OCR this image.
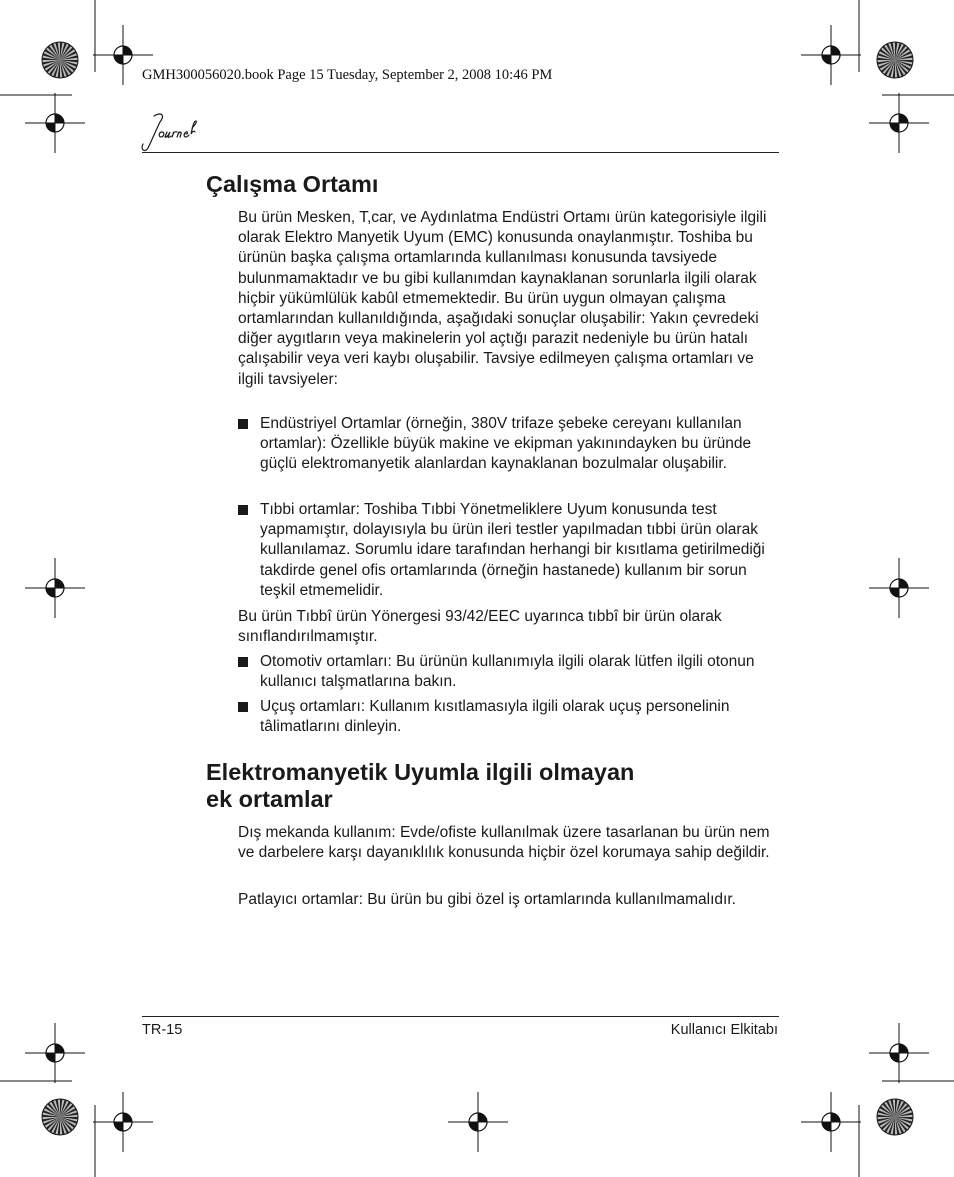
GMH300056020.book Page 15 Tuesday, September 2, 2008 10:46 PM
Çalışma Ortamı
Bu ürün Mesken, T,car, ve Aydınlatma Endüstri Ortamı ürün kategorisiyle ilgili olarak Elektro Manyetik Uyum (EMC) konusunda onaylanmıştır. Toshiba bu ürünün başka çalışma ortamlarında kullanılması konusunda tavsiyede bulunmamaktadır ve bu gibi kullanımdan kaynaklanan sorunlarla ilgili olarak hiçbir yükümlülük kabûl etmemektedir. Bu ürün uygun olmayan çalışma ortamlarından kullanıldığında, aşağıdaki sonuçlar oluşabilir: Yakın çevredeki diğer aygıtların veya makinelerin yol açtığı parazit nedeniyle bu ürün hatalı çalışabilir veya veri kaybı oluşabilir. Tavsiye edilmeyen çalışma ortamları ve ilgili tavsiyeler:
Endüstriyel Ortamlar (örneğin, 380V trifaze şebeke cereyanı kullanılan ortamlar): Özellikle büyük makine ve ekipman yakınındayken bu üründe güçlü elektromanyetik alanlardan kaynaklanan bozulmalar oluşabilir.
Tıbbi ortamlar: Toshiba Tıbbi Yönetmeliklere Uyum konusunda test yapmamıştır, dolayısıyla bu ürün ileri testler yapılmadan tıbbi ürün olarak kullanılamaz. Sorumlu idare tarafından herhangi bir kısıtlama getirilmediği takdirde genel ofis ortamlarında (örneğin hastanede) kullanım bir sorun teşkil etmemelidir.
Bu ürün Tıbbî ürün Yönergesi 93/42/EEC uyarınca tıbbî bir ürün olarak sınıflandırılmamıştır.
Otomotiv ortamları: Bu ürünün kullanımıyla ilgili olarak lütfen ilgili otonun kullanıcı talşmatlarına bakın.
Uçuş ortamları: Kullanım kısıtlamasıyla ilgili olarak uçuş personelinin tâlimatlarını dinleyin.
Elektromanyetik Uyumla ilgili olmayan
ek ortamlar
Dış mekanda kullanım: Evde/ofiste kullanılmak üzere tasarlanan bu ürün nem ve darbelere karşı dayanıklılık konusunda hiçbir özel korumaya sahip değildir.
Patlayıcı ortamlar: Bu ürün bu gibi özel iş ortamlarında kullanılmamalıdır.
TR-15	Kullanıcı Elkitabı
